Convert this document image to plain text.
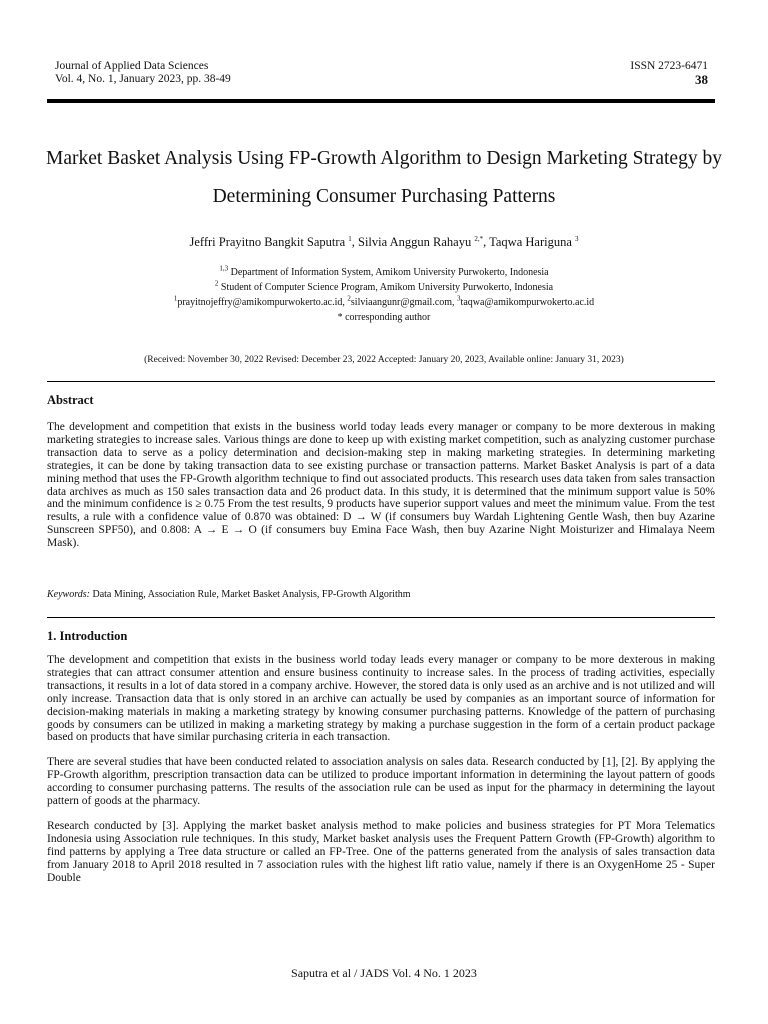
Journal of Applied Data Sciences
Vol. 4, No. 1, January 2023, pp. 38-49
ISSN 2723-6471
38
Market Basket Analysis Using FP-Growth Algorithm to Design Marketing Strategy by Determining Consumer Purchasing Patterns
Jeffri Prayitno Bangkit Saputra $^1$, Silvia Anggun Rahayu $^{2,*}$, Taqwa Hariguna $^3$
$^{1,3}$ Department of Information System, Amikom University Purwokerto, Indonesia
$^2$ Student of Computer Science Program, Amikom University Purwokerto, Indonesia
$^1$prayitnojeffry@amikompurwokerto.ac.id, $^2$silviaangunr@gmail.com, $^3$taqwa@amikompurwokerto.ac.id
* corresponding author
(Received: November 30, 2022 Revised: December 23, 2022 Accepted: January 20, 2023, Available online: January 31, 2023)
Abstract

The development and competition that exists in the business world today leads every manager or company to be more dexterous in making marketing strategies to increase sales. Various things are done to keep up with existing market competition, such as analyzing customer purchase transaction data to serve as a policy determination and decision-making step in making marketing strategies. In determining marketing strategies, it can be done by taking transaction data to see existing purchase or transaction patterns. Market Basket Analysis is part of a data mining method that uses the FP-Growth algorithm technique to find out associated products. This research uses data taken from sales transaction data archives as much as 150 sales transaction data and 26 product data. In this study, it is determined that the minimum support value is 50% and the minimum confidence is ≥ 0.75 From the test results, 9 products have superior support values and meet the minimum value. From the test results, a rule with a confidence value of 0.870 was obtained: D → W (if consumers buy Wardah Lightening Gentle Wash, then buy Azarine Sunscreen SPF50), and 0.808: A → E → O (if consumers buy Emina Face Wash, then buy Azarine Night Moisturizer and Himalaya Neem Mask).

Keywords: Data Mining, Association Rule, Market Basket Analysis, FP-Growth Algorithm
1. Introduction

The development and competition that exists in the business world today leads every manager or company to be more dexterous in making strategies that can attract consumer attention and ensure business continuity to increase sales. In the process of trading activities, especially transactions, it results in a lot of data stored in a company archive. However, the stored data is only used as an archive and is not utilized and will only increase. Transaction data that is only stored in an archive can actually be used by companies as an important source of information for decision-making materials in making a marketing strategy by knowing consumer purchasing patterns. Knowledge of the pattern of purchasing goods by consumers can be utilized in making a marketing strategy by making a purchase suggestion in the form of a certain product package based on products that have similar purchasing criteria in each transaction.

There are several studies that have been conducted related to association analysis on sales data. Research conducted by [1], [2]. By applying the FP-Growth algorithm, prescription transaction data can be utilized to produce important information in determining the layout pattern of goods according to consumer purchasing patterns. The results of the association rule can be used as input for the pharmacy in determining the layout pattern of goods at the pharmacy.

Research conducted by [3]. Applying the market basket analysis method to make policies and business strategies for PT Mora Telematics Indonesia using Association rule techniques. In this study, Market basket analysis uses the Frequent Pattern Growth (FP-Growth) algorithm to find patterns by applying a Tree data structure or called an FP-Tree. One of the patterns generated from the analysis of sales transaction data from January 2018 to April 2018 resulted in 7 association rules with the highest lift ratio value, namely if there is an OxygenHome 25 - Super Double

Saputra et al / JADS Vol. 4 No. 1 2023
